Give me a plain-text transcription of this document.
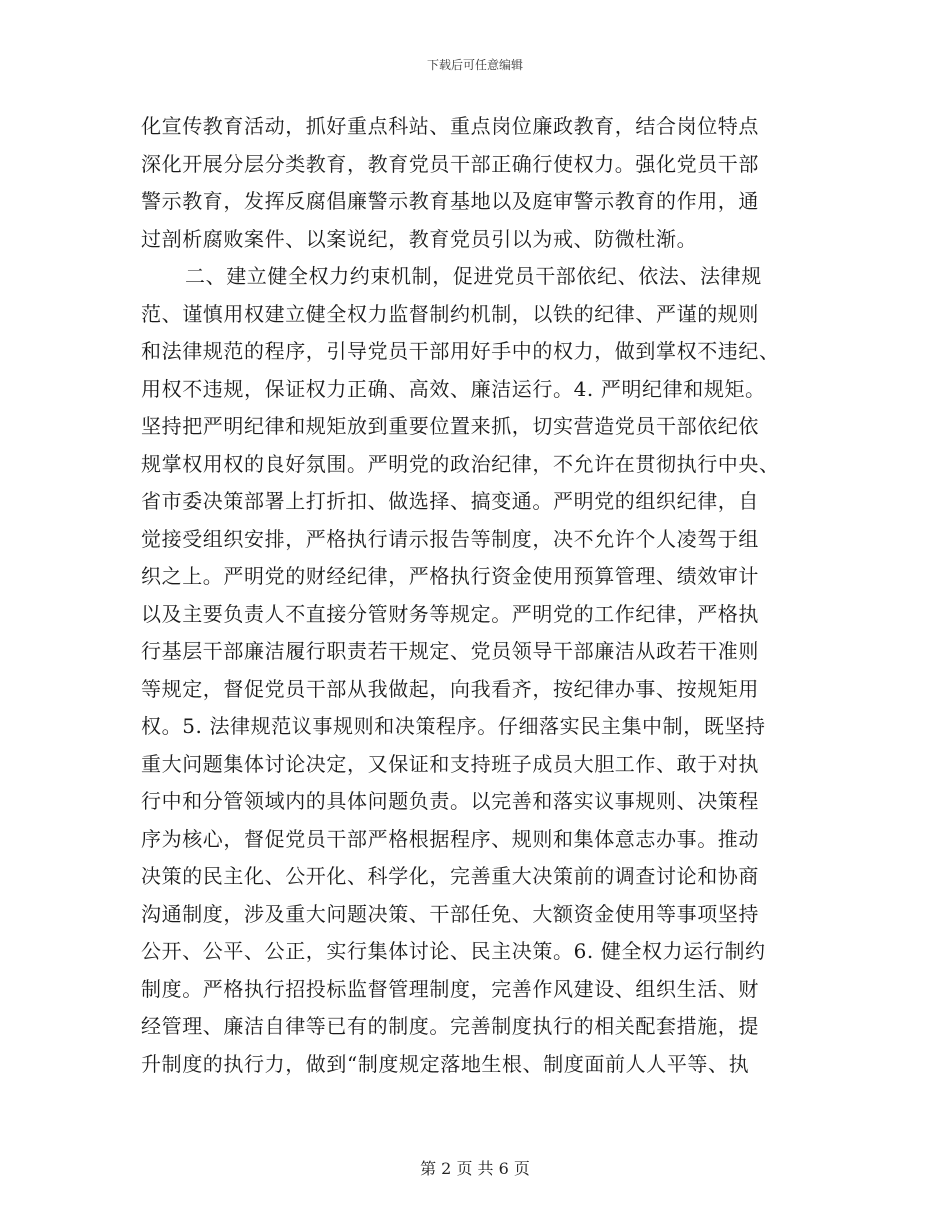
下载后可任意编辑
化宣传教育活动，抓好重点科站、重点岗位廉政教育，结合岗位特点
深化开展分层分类教育，教育党员干部正确行使权力。强化党员干部
警示教育，发挥反腐倡廉警示教育基地以及庭审警示教育的作用，通
过剖析腐败案件、以案说纪，教育党员引以为戒、防微杜渐。
二、建立健全权力约束机制，促进党员干部依纪、依法、法律规
范、谨慎用权建立健全权力监督制约机制，以铁的纪律、严谨的规则
和法律规范的程序，引导党员干部用好手中的权力，做到掌权不违纪、
用权不违规，保证权力正确、高效、廉洁运行。4. 严明纪律和规矩。
坚持把严明纪律和规矩放到重要位置来抓，切实营造党员干部依纪依
规掌权用权的良好氛围。严明党的政治纪律，不允许在贯彻执行中央、
省市委决策部署上打折扣、做选择、搞变通。严明党的组织纪律，自
觉接受组织安排，严格执行请示报告等制度，决不允许个人凌驾于组
织之上。严明党的财经纪律，严格执行资金使用预算管理、绩效审计
以及主要负责人不直接分管财务等规定。严明党的工作纪律，严格执
行基层干部廉洁履行职责若干规定、党员领导干部廉洁从政若干准则
等规定，督促党员干部从我做起，向我看齐，按纪律办事、按规矩用
权。5. 法律规范议事规则和决策程序。仔细落实民主集中制，既坚持
重大问题集体讨论决定，又保证和支持班子成员大胆工作、敢于对执
行中和分管领域内的具体问题负责。以完善和落实议事规则、决策程
序为核心，督促党员干部严格根据程序、规则和集体意志办事。推动
决策的民主化、公开化、科学化，完善重大决策前的调查讨论和协商
沟通制度，涉及重大问题决策、干部任免、大额资金使用等事项坚持
公开、公平、公正，实行集体讨论、民主决策。6. 健全权力运行制约
制度。严格执行招投标监督管理制度，完善作风建设、组织生活、财
经管理、廉洁自律等已有的制度。完善制度执行的相关配套措施，提
升制度的执行力，做到“制度规定落地生根、制度面前人人平等、执
第 2 页 共 6 页
